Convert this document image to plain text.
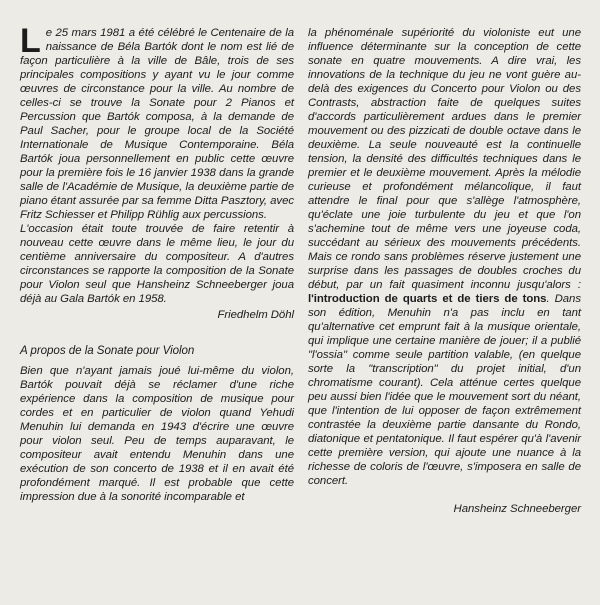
Le 25 mars 1981 a été célébré le Centenaire de la naissance de Béla Bartók dont le nom est lié de façon particulière à la ville de Bâle, trois de ses principales compositions y ayant vu le jour comme œuvres de circonstance pour la ville. Au nombre de celles-ci se trouve la Sonate pour 2 Pianos et Percussion que Bartók composa, à la demande de Paul Sacher, pour le groupe local de la Société Internationale de Musique Contemporaine. Béla Bartók joua personnellement en public cette œuvre pour la première fois le 16 janvier 1938 dans la grande salle de l'Académie de Musique, la deuxième partie de piano étant assurée par sa femme Ditta Pasztory, avec Fritz Schiesser et Philipp Rühlig aux percussions.

L'occasion était toute trouvée de faire retentir à nouveau cette œuvre dans le même lieu, le jour du centième anniversaire du compositeur. A d'autres circonstances se rapporte la composition de la Sonate pour Violon seul que Hansheinz Schneeberger joua déjà au Gala Bartók en 1958.

Friedhelm Döhl

A propos de la Sonate pour Violon

Bien que n'ayant jamais joué lui-même du violon, Bartók pouvait déjà se réclamer d'une riche expérience dans la composition de musique pour cordes et en particulier de violon quand Yehudi Menuhin lui demanda en 1943 d'écrire une œuvre pour violon seul. Peu de temps auparavant, le compositeur avait entendu Menuhin dans une exécution de son concerto de 1938 et il en avait été profondément marqué. Il est probable que cette impression due à la sonorité incomparable et

la phénoménale supériorité du violoniste eut une influence déterminante sur la conception de cette sonate en quatre mouvements. A dire vrai, les innovations de la technique du jeu ne vont guère au-delà des exigences du Concerto pour Violon ou des Contrasts, abstraction faite de quelques suites d'accords particulièrement ardues dans le premier mouvement ou des pizzicati de double octave dans le deuxième. La seule nouveauté est la continuelle tension, la densité des difficultés techniques dans le premier et le deuxième mouvement. Après la mélodie curieuse et profondément mélancolique, il faut attendre le final pour que s'allège l'atmosphère, qu'éclate une joie turbulente du jeu et que l'on s'achemine tout de même vers une joyeuse coda, succédant au sérieux des mouvements précédents. Mais ce rondo sans problèmes réserve justement une surprise dans les passages de doubles croches du début, par un fait quasiment inconnu jusqu'alors : l'introduction de quarts et de tiers de tons. Dans son édition, Menuhin n'a pas inclu en tant qu'alternative cet emprunt fait à la musique orientale, qui implique une certaine manière de jouer; il a publié "l'ossia" comme seule partition valable, (en quelque sorte la "transcription" du projet initial, d'un chromatisme courant). Cela atténue certes quelque peu aussi bien l'idée que le mouvement sort du néant, que l'intention de lui opposer de façon extrêmement contrastée la deuxième partie dansante du Rondo, diatonique et pentatonique. Il faut espérer qu'à l'avenir cette première version, qui ajoute une nuance à la richesse de coloris de l'œuvre, s'imposera en salle de concert.

Hansheinz Schneeberger
